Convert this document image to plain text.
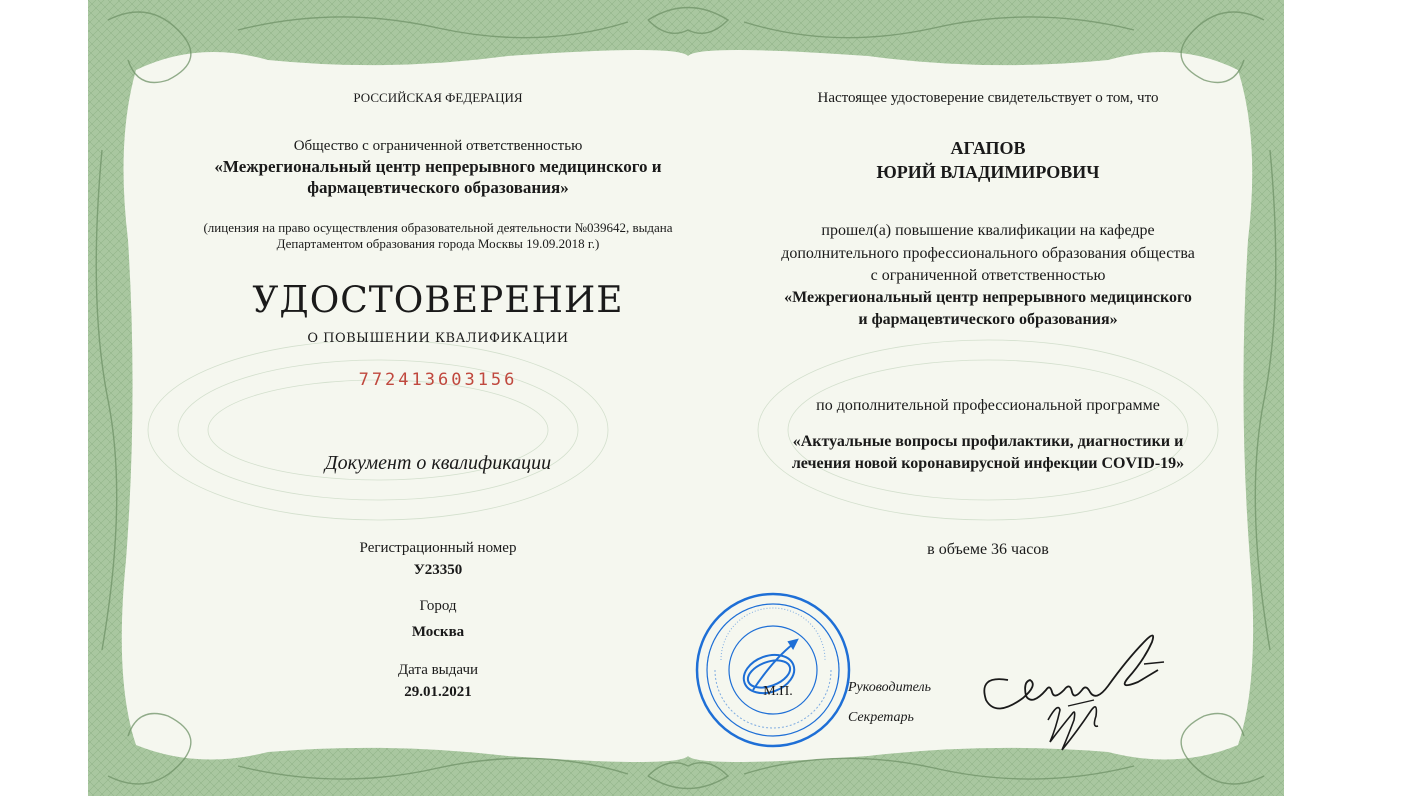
РОССИЙСКАЯ ФЕДЕРАЦИЯ
Общество с ограниченной ответственностью
«Межрегиональный центр непрерывного медицинского и
фармацевтического образования»
(лицензия на право осуществления образовательной деятельности №039642, выдана
Департаментом образования города Москвы 19.09.2018 г.)
УДОСТОВЕРЕНИЕ
О ПОВЫШЕНИИ КВАЛИФИКАЦИИ
772413603156
Документ о квалификации
Регистрационный номер
У23350
Город
Москва
Дата выдачи
29.01.2021
Настоящее удостоверение свидетельствует о том, что
АГАПОВ
ЮРИЙ ВЛАДИМИРОВИЧ
прошел(а) повышение квалификации на кафедре
дополнительного профессионального образования общества
с ограниченной ответственностью
«Межрегиональный центр непрерывного медицинского
и фармацевтического образования»
по дополнительной профессиональной программе
«Актуальные вопросы профилактики, диагностики и
лечения новой коронавирусной инфекции COVID-19»
в объеме 36 часов
М.П.	Руководитель
Секретарь
